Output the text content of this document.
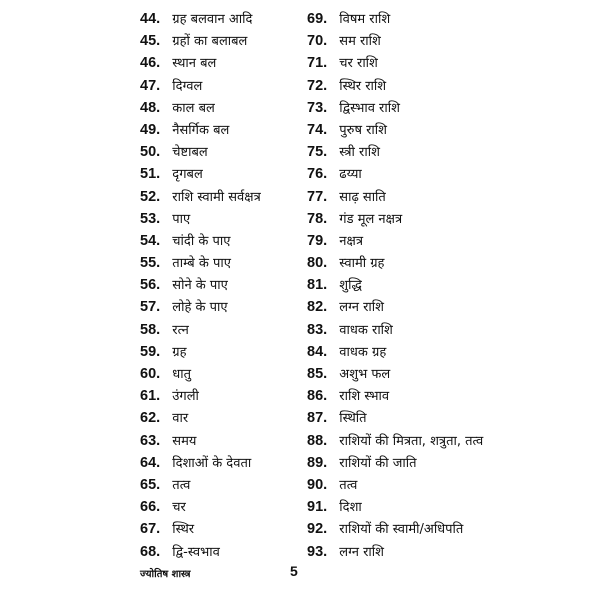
44. ग्रह बलवान आदि
45. ग्रहों का बलाबल
46. स्थान बल
47. दिग्वल
48. काल बल
49. नैसर्गिक बल
50. चेष्टाबल
51. दृगबल
52. राशि स्वामी सर्वक्षत्र
53. पाए
54. चांदी के पाए
55. ताम्बे के पाए
56. सोने के पाए
57. लोहे के पाए
58. रत्न
59. ग्रह
60. धातु
61. उंगली
62. वार
63. समय
64. दिशाओं के देवता
65. तत्व
66. चर
67. स्थिर
68. द्वि-स्वभाव
69. विषम राशि
70. सम राशि
71. चर राशि
72. स्थिर राशि
73. द्विस्भाव राशि
74. पुरुष राशि
75. स्त्री राशि
76. ढय्या
77. साढ़ साति
78. गंड मूल नक्षत्र
79. नक्षत्र
80. स्वामी ग्रह
81. शुद्धि
82. लग्न राशि
83. वाधक राशि
84. वाधक ग्रह
85. अशुभ फल
86. राशि स्भाव
87. स्थिति
88. राशियों की मित्रता, शत्रुता, तत्व
89. राशियों की जाति
90. तत्व
91. दिशा
92. राशियों की स्वामी/अधिपति
93. लग्न राशि
ज्योतिष शास्त्र	5
